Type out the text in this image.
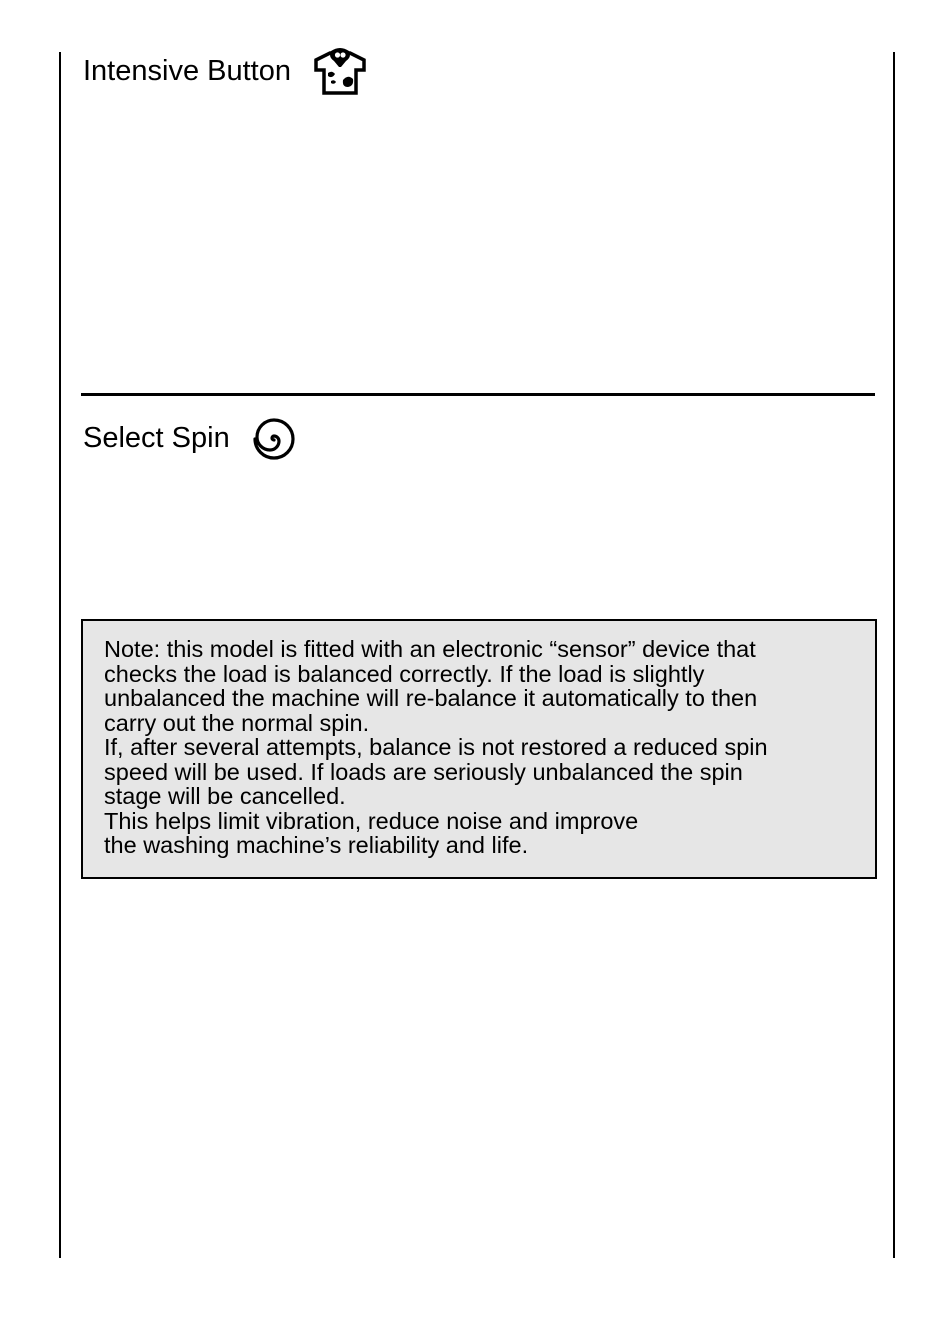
Intensive Button
Select Spin
Note: this model is fitted with an electronic “sensor” device that
checks the load is balanced correctly. If the load is slightly
unbalanced the machine will re-balance it automatically to then
carry out the normal spin.
If, after several attempts, balance is not restored a reduced spin
speed will be used. If loads are seriously unbalanced the spin
stage will be cancelled.
This helps limit vibration, reduce noise and improve
the washing machine’s reliability and life.
